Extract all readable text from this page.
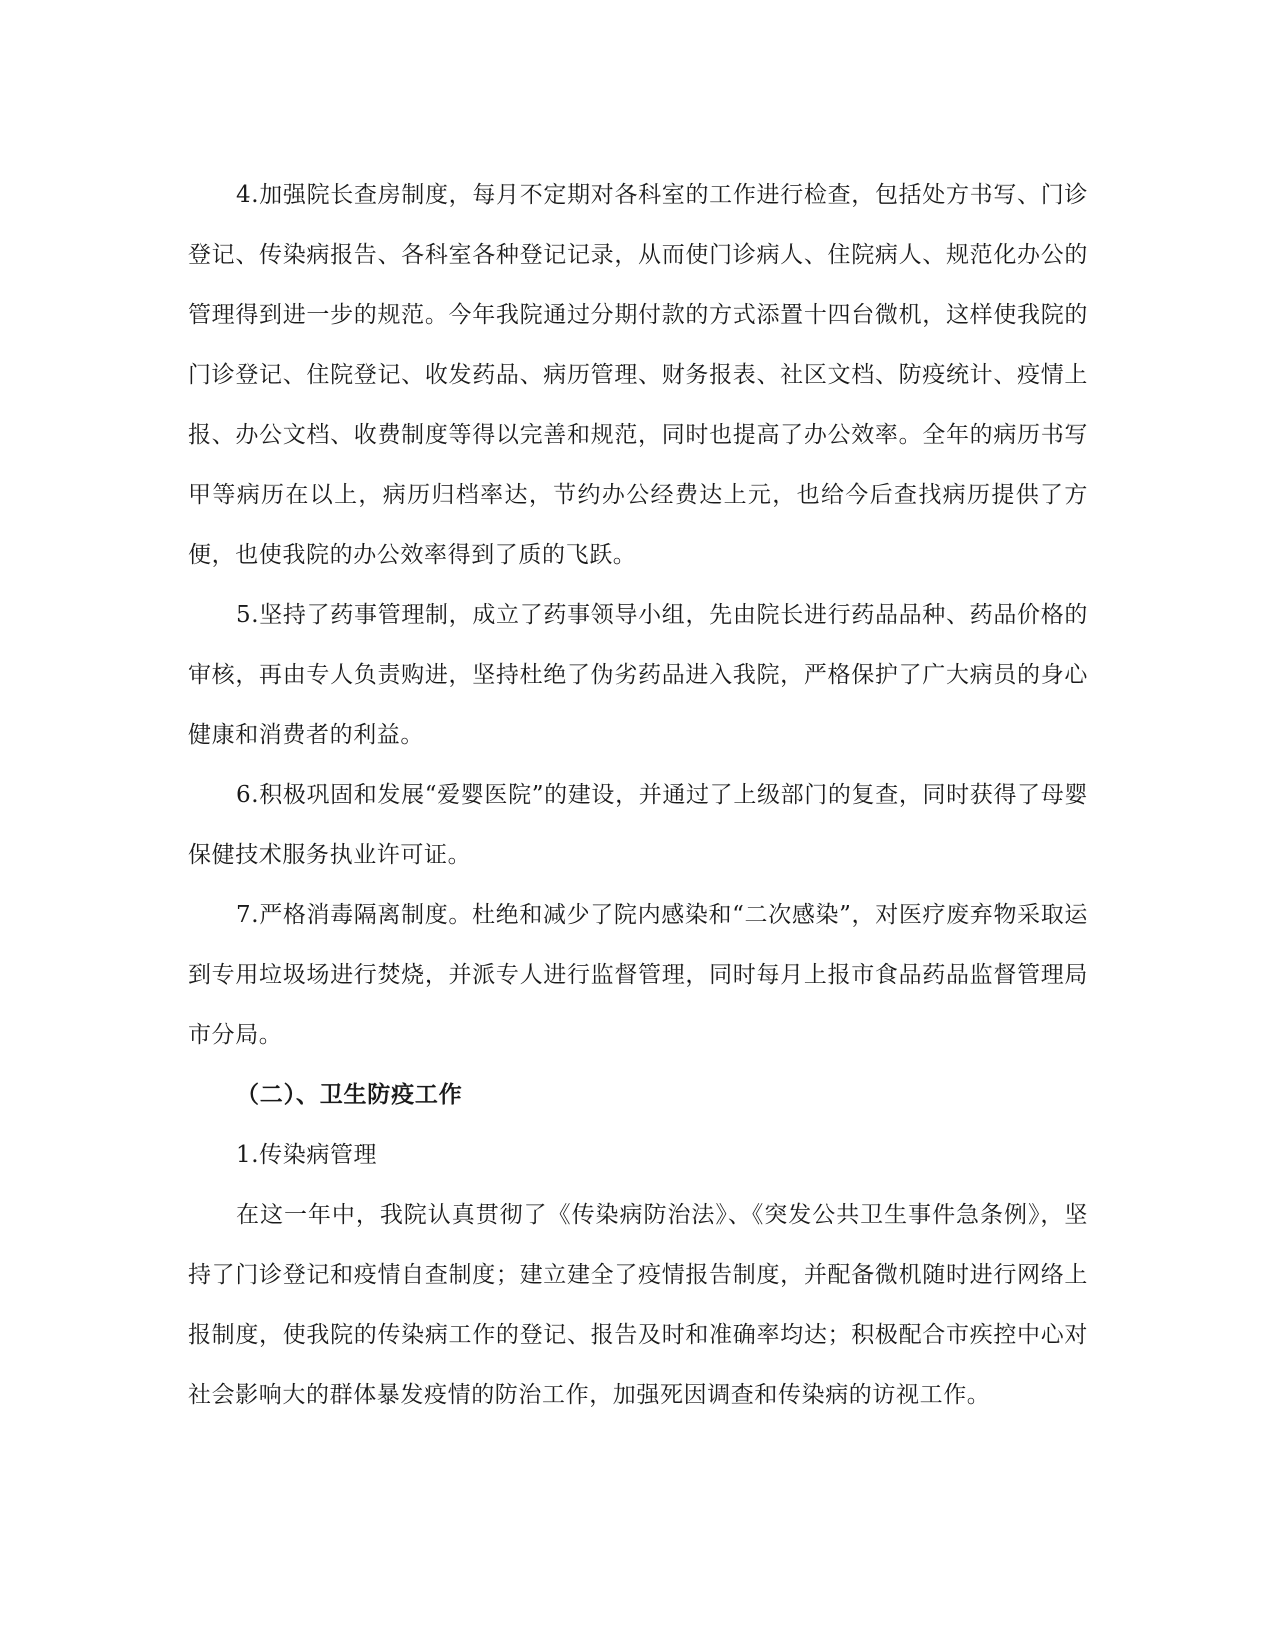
4.加强院长查房制度，每月不定期对各科室的工作进行检查，包括处方书写、门诊登记、传染病报告、各科室各种登记记录，从而使门诊病人、住院病人、规范化办公的管理得到进一步的规范。今年我院通过分期付款的方式添置十四台微机，这样使我院的门诊登记、住院登记、收发药品、病历管理、财务报表、社区文档、防疫统计、疫情上报、办公文档、收费制度等得以完善和规范，同时也提高了办公效率。全年的病历书写甲等病历在以上，病历归档率达，节约办公经费达上元，也给今后查找病历提供了方便，也使我院的办公效率得到了质的飞跃。

5.坚持了药事管理制，成立了药事领导小组，先由院长进行药品品种、药品价格的审核，再由专人负责购进，坚持杜绝了伪劣药品进入我院，严格保护了广大病员的身心健康和消费者的利益。

6.积极巩固和发展“爱婴医院”的建设，并通过了上级部门的复查，同时获得了母婴保健技术服务执业许可证。

7.严格消毒隔离制度。杜绝和减少了院内感染和“二次感染”，对医疗废弃物采取运到专用垃圾场进行焚烧，并派专人进行监督管理，同时每月上报市食品药品监督管理局市分局。

（二）、卫生防疫工作

1.传染病管理

在这一年中，我院认真贯彻了《传染病防治法》、《突发公共卫生事件急条例》，坚持了门诊登记和疫情自查制度；建立建全了疫情报告制度，并配备微机随时进行网络上报制度，使我院的传染病工作的登记、报告及时和准确率均达；积极配合市疾控中心对社会影响大的群体暴发疫情的防治工作，加强死因调查和传染病的访视工作。
